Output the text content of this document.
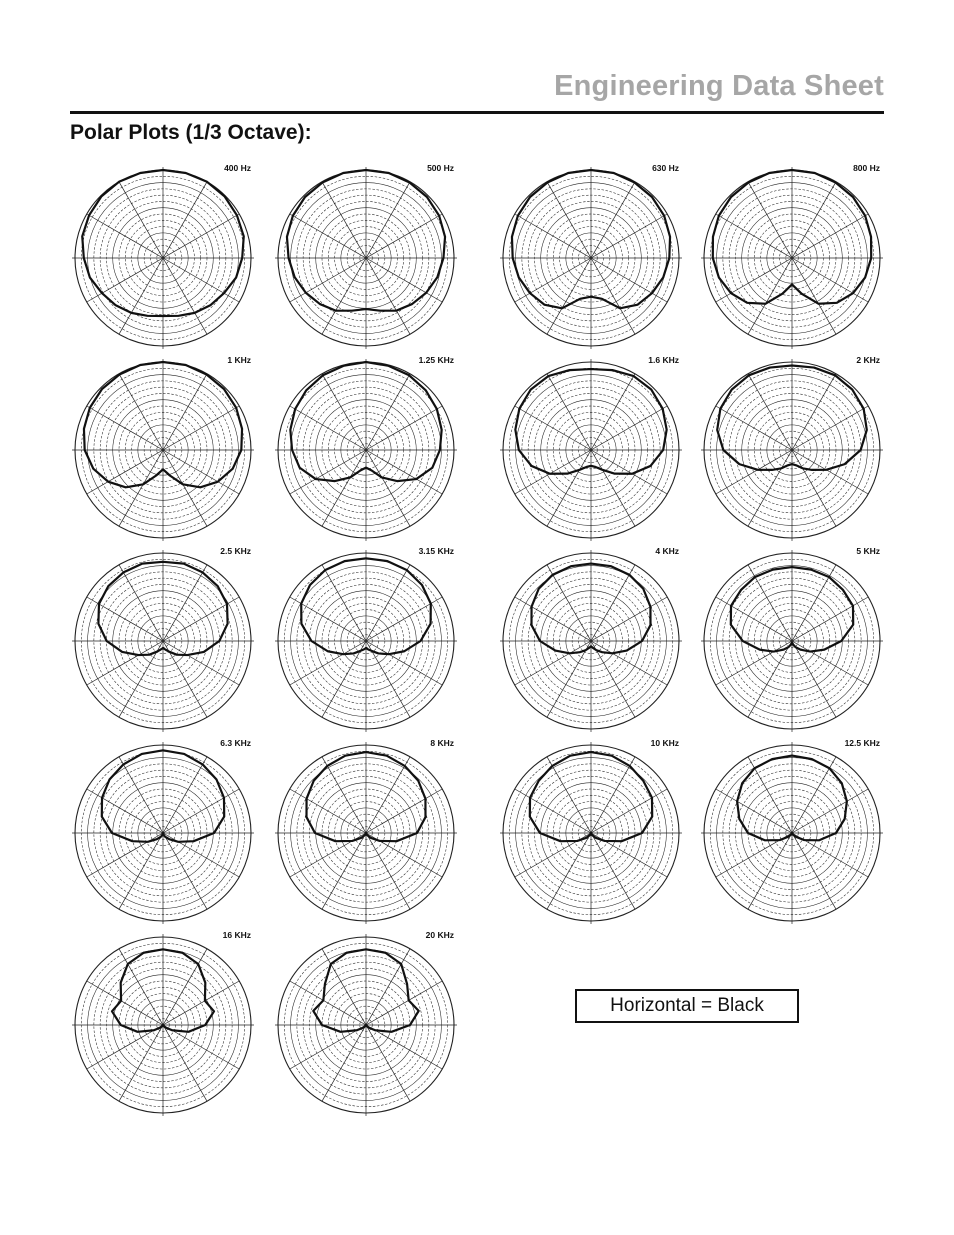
Engineering Data Sheet
Polar Plots (1/3 Octave):
400 Hz	500 Hz	630 Hz	800 Hz
1 KHz	1.25 KHz	1.6 KHz	2 KHz
2.5 KHz	3.15 KHz	4 KHz	5 KHz
6.3 KHz	8 KHz	10 KHz	12.5 KHz
16 KHz	20 KHz
Horizontal = Black
